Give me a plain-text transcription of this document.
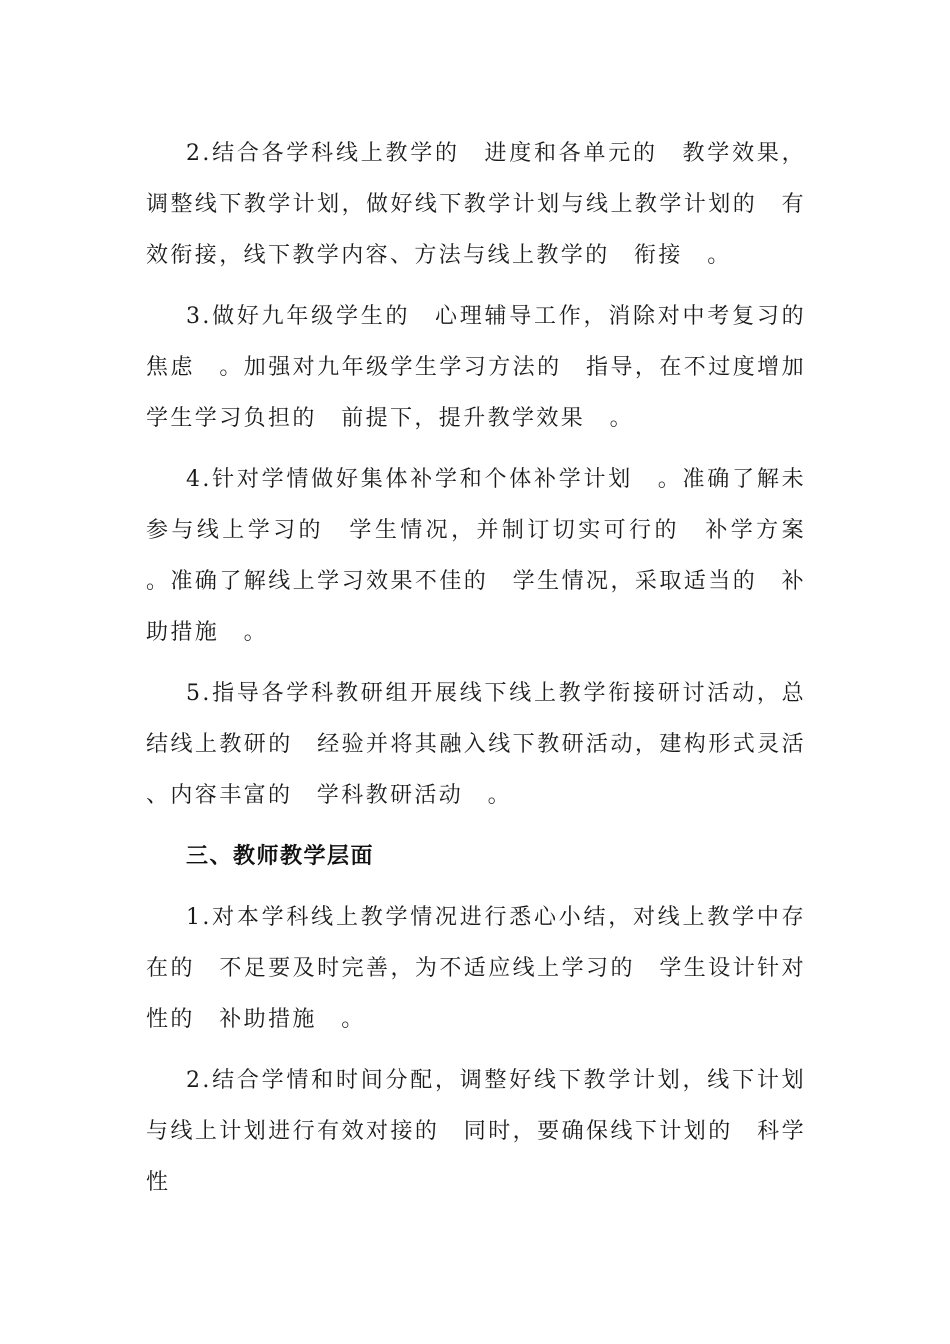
2.结合各学科线上教学的　进度和各单元的　教学效果，调整线下教学计划，做好线下教学计划与线上教学计划的　有效衔接，线下教学内容、方法与线上教学的　衔接　。

3.做好九年级学生的　心理辅导工作，消除对中考复习的焦虑　。加强对九年级学生学习方法的　指导，在不过度增加学生学习负担的　前提下，提升教学效果　。

4.针对学情做好集体补学和个体补学计划　。准确了解未参与线上学习的　学生情况，并制订切实可行的　补学方案　。准确了解线上学习效果不佳的　学生情况，采取适当的　补助措施　。

5.指导各学科教研组开展线下线上教学衔接研讨活动，总结线上教研的　经验并将其融入线下教研活动，建构形式灵活、内容丰富的　学科教研活动　。

三、教师教学层面

1.对本学科线上教学情况进行悉心小结，对线上教学中存在的　不足要及时完善，为不适应线上学习的　学生设计针对性的　补助措施　。

2.结合学情和时间分配，调整好线下教学计划，线下计划与线上计划进行有效对接的　同时，要确保线下计划的　科学性
